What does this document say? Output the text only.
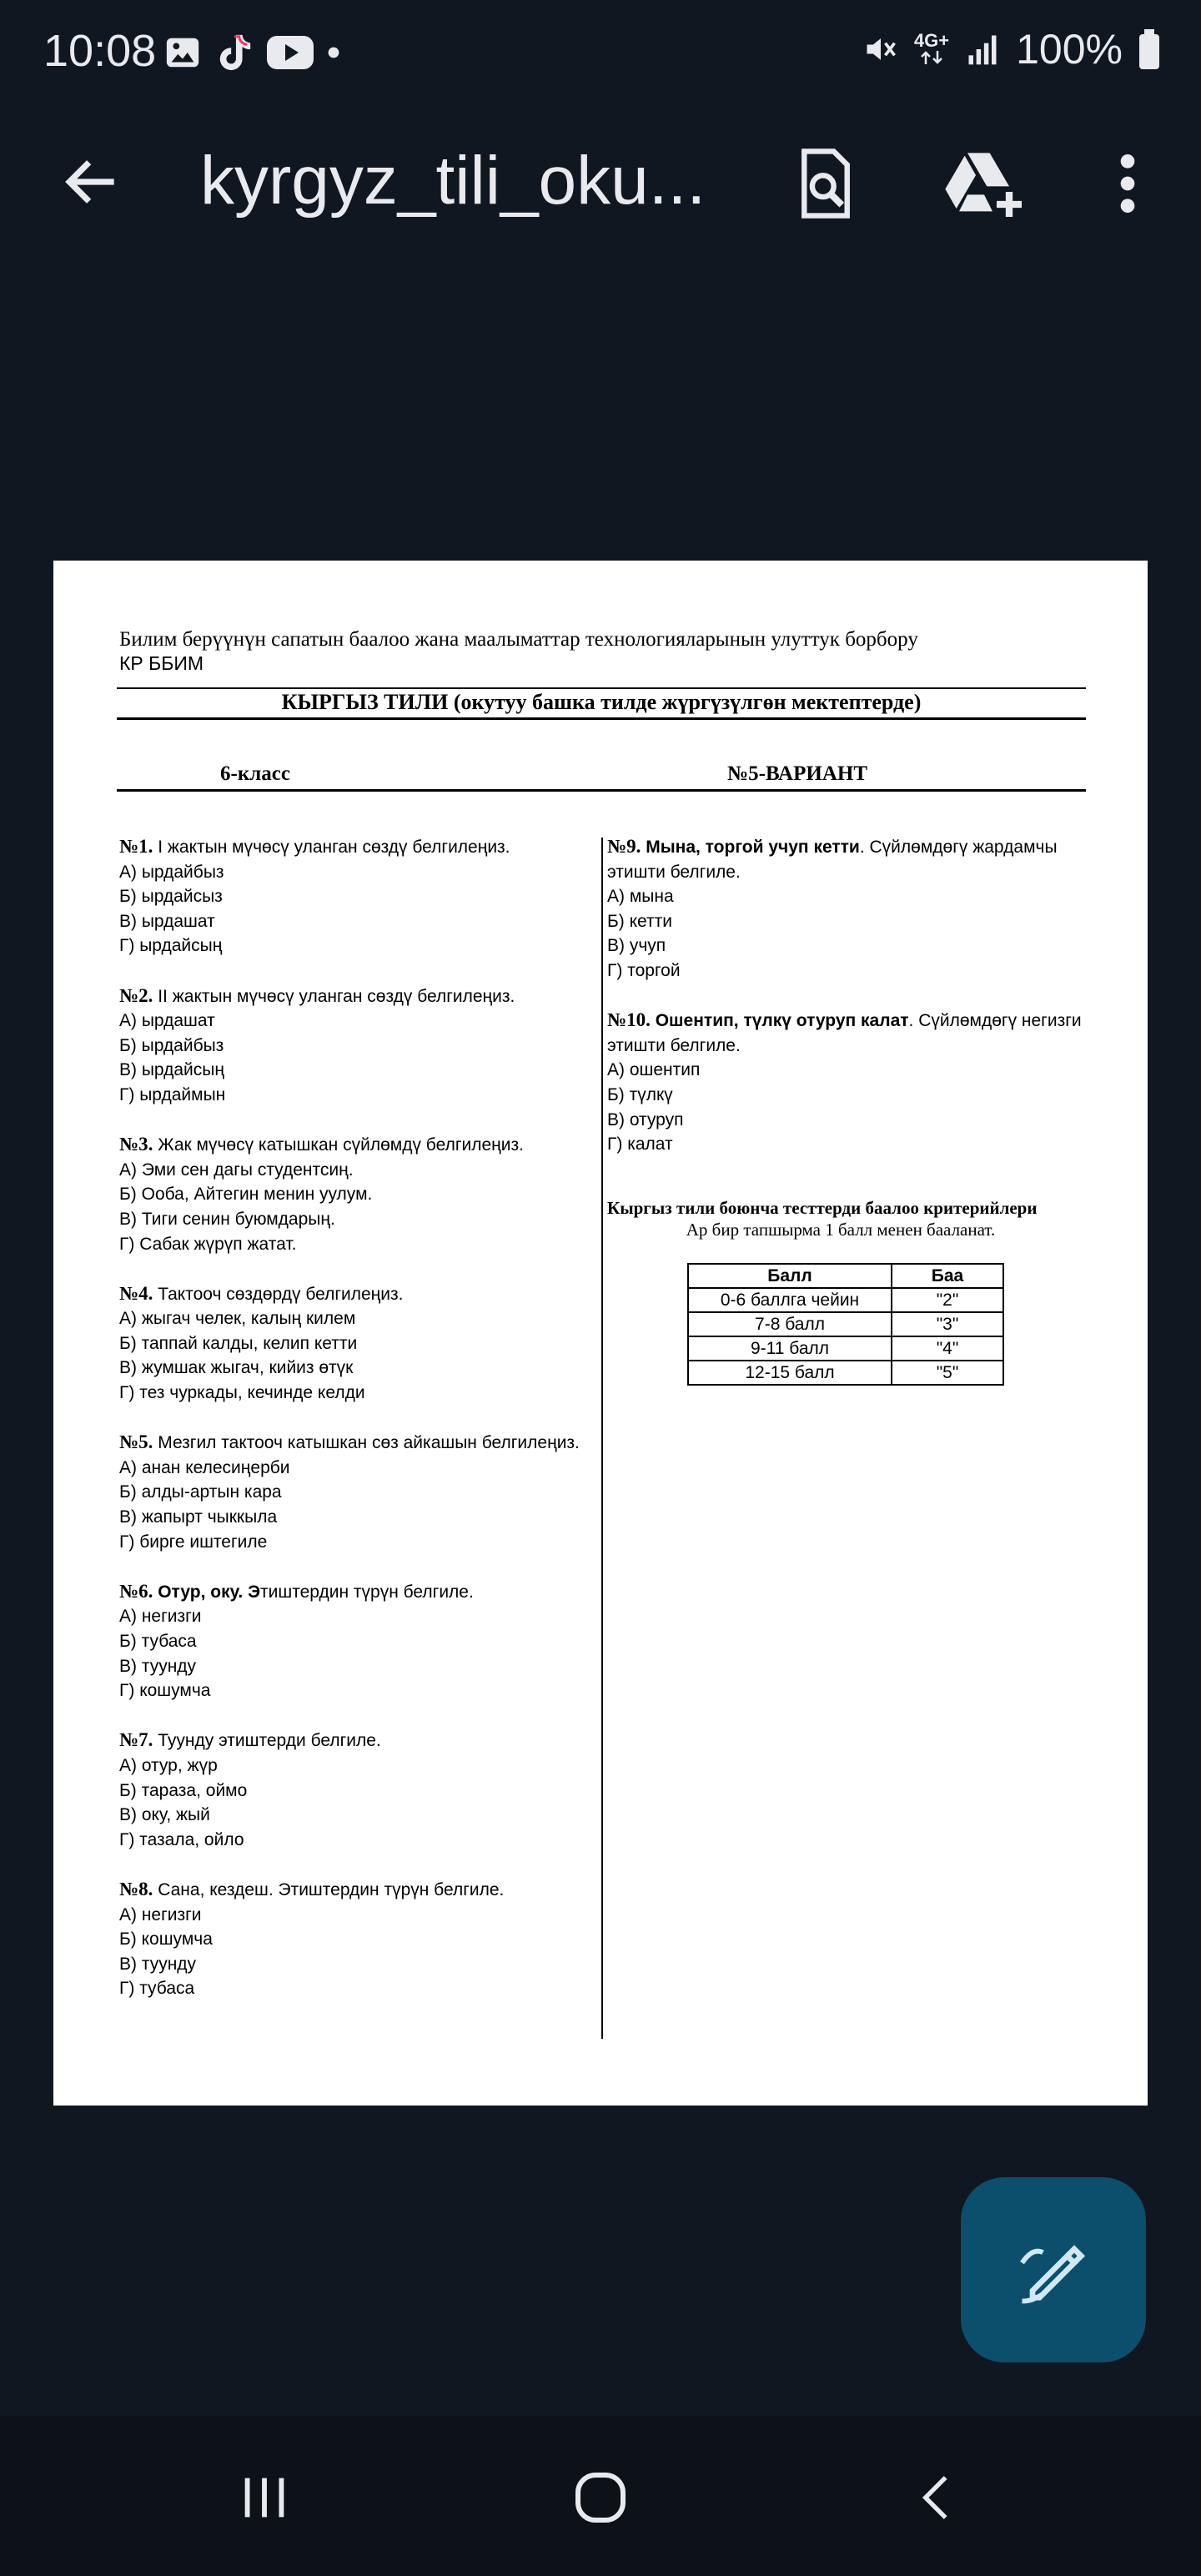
10:08	4G+ 100%
kyrgyz_tili_oku...
Билим берүүнүн сапатын баалоо жана маалыматтар технологияларынын улуттук борбору
КР ББИМ
КЫРГЫЗ ТИЛИ (окутуу башка тилде жүргүзүлгөн мектептерде)
6-класс	№5-ВАРИАНТ
№1. I жактын мүчөсү уланган сөздү белгилеңиз.
А) ырдайбыз
Б) ырдайсыз
В) ырдашат
Г) ырдайсың
№2. II жактын мүчөсү уланган сөздү белгилеңиз.
А) ырдашат
Б) ырдайбыз
В) ырдайсың
Г) ырдаймын
№3. Жак мүчөсү катышкан сүйлөмдү белгилеңиз.
А) Эми сен дагы студентсиң.
Б) Ооба, Айтегин менин уулум.
В) Тиги сенин буюмдарың.
Г) Сабак жүрүп жатат.
№4. Тактооч сөздөрдү белгилеңиз.
А) жыгач челек, калың килем
Б) таппай калды, келип кетти
В) жумшак жыгач, кийиз өтүк
Г) тез чуркады, кечинде келди
№5. Мезгил тактооч катышкан сөз айкашын белгилеңиз.
А) анан келесиңерби
Б) алды-артын кара
В) жапырт чыккыла
Г) бирге иштегиле
№6. Отур, оку. Этиштердин түрүн белгиле.
А) негизги
Б) тубаса
В) туунду
Г) кошумча
№7. Туунду этиштерди белгиле.
А) отур, жүр
Б) тараза, оймо
В) оку, жый
Г) тазала, ойло
№8. Сана, кездеш. Этиштердин түрүн белгиле.
А) негизги
Б) кошумча
В) туунду
Г) тубаса
№9. Мына, торгой учуп кетти. Сүйлөмдөгү жардамчы этишти белгиле.
А) мына
Б) кетти
В) учуп
Г) торгой
№10. Ошентип, түлкү отуруп калат. Сүйлөмдөгү негизги этишти белгиле.
А) ошентип
Б) түлкү
В) отуруп
Г) калат
Кыргыз тили боюнча тесттерди баалоо критерийлери
Ар бир тапшырма 1 балл менен бааланат.
Балл	Баа
0-6 баллга чейин	"2"
7-8 балл	"3"
9-11 балл	"4"
12-15 балл	"5"
